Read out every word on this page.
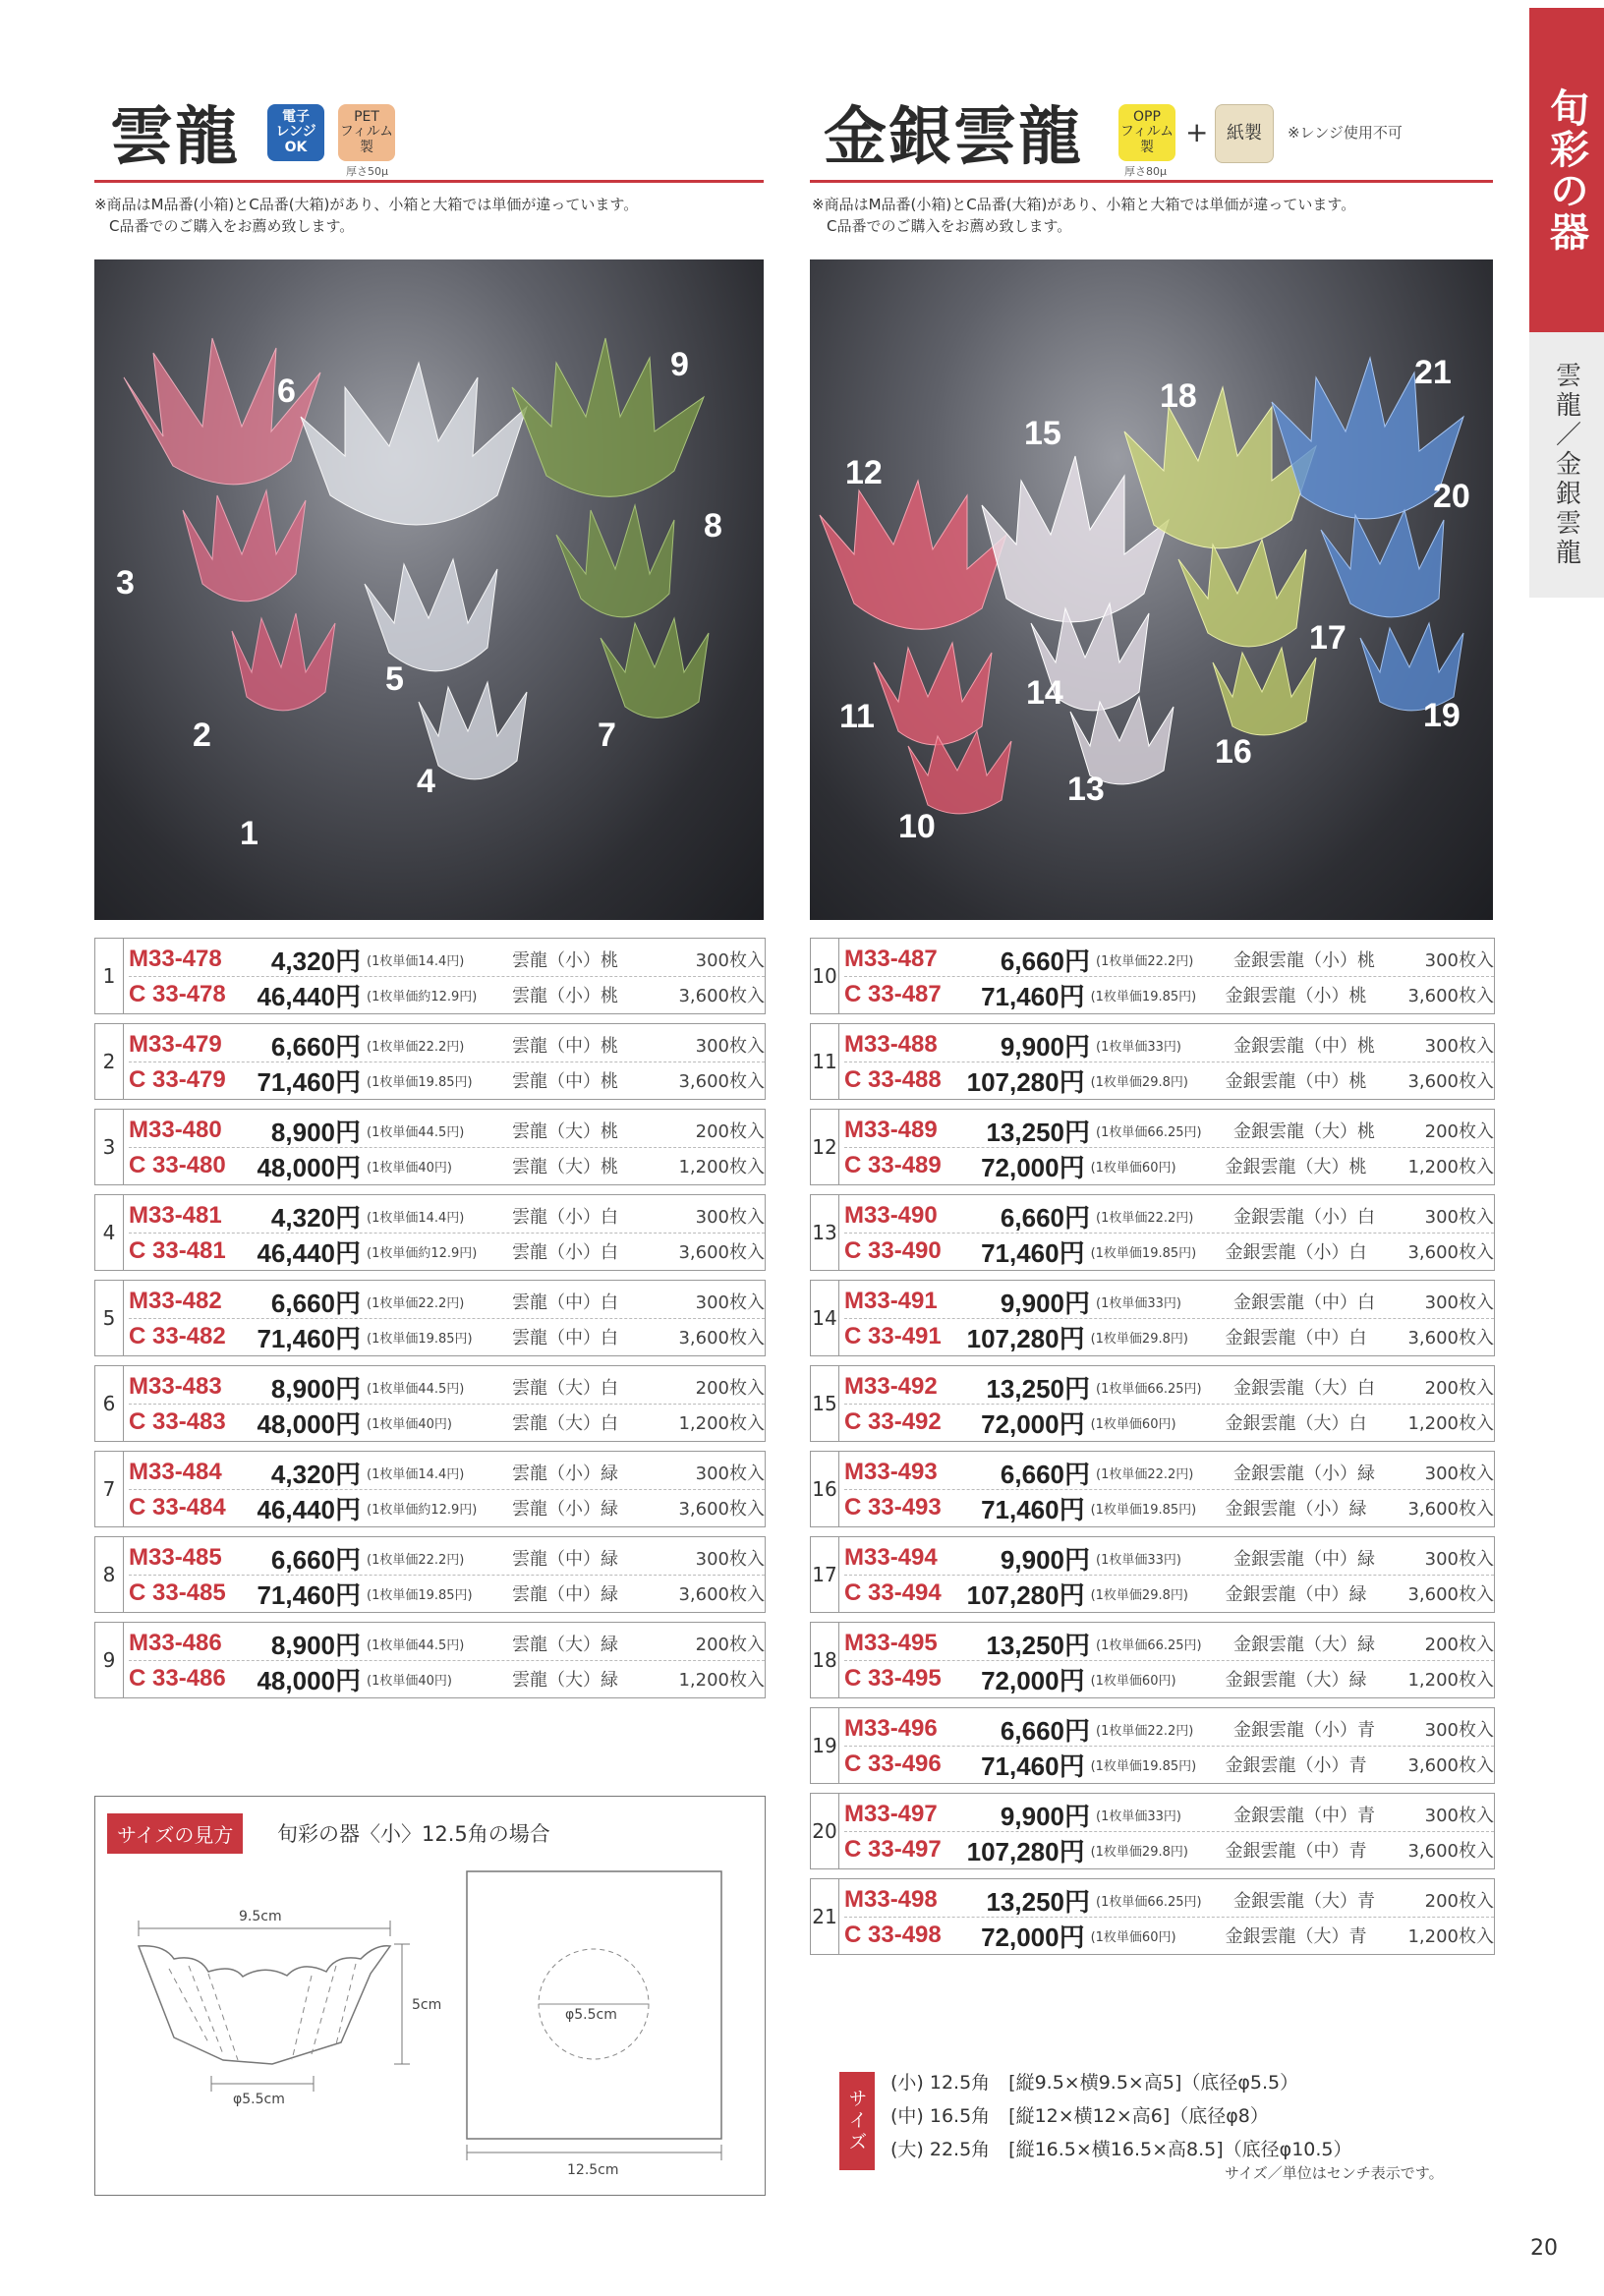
旬彩の器
雲龍／金銀雲龍
雲龍	電子
レンジ
OK
PET
フィルム
製
厚さ50μ
※商品はM品番(小箱)とC品番(大箱)があり、小箱と大箱では単価が違っています。
　C品番でのご購入をお薦め致します。
金銀雲龍	OPP
フィルム
製	+	紙製	※レンジ使用不可
厚さ80μ
※商品はM品番(小箱)とC品番(大箱)があり、小箱と大箱では単価が違っています。
　C品番でのご購入をお薦め致します。
6
9
8
3
5
2	7
4
1
12
15
18
21
20
17
14
11	19
16
13
10
1
M33-478	4,320円 (1枚単価14.4円)	雲龍（小）桃	300枚入
C 33-478	46,440円 (1枚単価約12.9円)	雲龍（小）桃	3,600枚入
2
M33-479	6,660円 (1枚単価22.2円)	雲龍（中）桃	300枚入
C 33-479	71,460円 (1枚単価19.85円)	雲龍（中）桃	3,600枚入
3
M33-480	8,900円 (1枚単価44.5円)	雲龍（大）桃	200枚入
C 33-480	48,000円 (1枚単価40円)	雲龍（大）桃	1,200枚入
4
M33-481	4,320円 (1枚単価14.4円)	雲龍（小）白	300枚入
C 33-481	46,440円 (1枚単価約12.9円)	雲龍（小）白	3,600枚入
5
M33-482	6,660円 (1枚単価22.2円)	雲龍（中）白	300枚入
C 33-482	71,460円 (1枚単価19.85円)	雲龍（中）白	3,600枚入
6
M33-483	8,900円 (1枚単価44.5円)	雲龍（大）白	200枚入
C 33-483	48,000円 (1枚単価40円)	雲龍（大）白	1,200枚入
7
M33-484	4,320円 (1枚単価14.4円)	雲龍（小）緑	300枚入
C 33-484	46,440円 (1枚単価約12.9円)	雲龍（小）緑	3,600枚入
8
M33-485	6,660円 (1枚単価22.2円)	雲龍（中）緑	300枚入
C 33-485	71,460円 (1枚単価19.85円)	雲龍（中）緑	3,600枚入
9
M33-486	8,900円 (1枚単価44.5円)	雲龍（大）緑	200枚入
C 33-486	48,000円 (1枚単価40円)	雲龍（大）緑	1,200枚入
10
M33-487	6,660円 (1枚単価22.2円)	金銀雲龍（小）桃	300枚入
C 33-487	71,460円 (1枚単価19.85円)	金銀雲龍（小）桃	3,600枚入
11
M33-488	9,900円 (1枚単価33円)	金銀雲龍（中）桃	300枚入
C 33-488 107,280円 (1枚単価29.8円)	金銀雲龍（中）桃	3,600枚入
12
M33-489	13,250円 (1枚単価66.25円)	金銀雲龍（大）桃	200枚入
C 33-489	72,000円 (1枚単価60円)	金銀雲龍（大）桃	1,200枚入
13
M33-490	6,660円 (1枚単価22.2円)	金銀雲龍（小）白	300枚入
C 33-490	71,460円 (1枚単価19.85円)	金銀雲龍（小）白	3,600枚入
14
M33-491	9,900円 (1枚単価33円)	金銀雲龍（中）白	300枚入
C 33-491 107,280円 (1枚単価29.8円)	金銀雲龍（中）白	3,600枚入
15
M33-492	13,250円 (1枚単価66.25円)	金銀雲龍（大）白	200枚入
C 33-492	72,000円 (1枚単価60円)	金銀雲龍（大）白	1,200枚入
16
M33-493	6,660円 (1枚単価22.2円)	金銀雲龍（小）緑	300枚入
C 33-493	71,460円 (1枚単価19.85円)	金銀雲龍（小）緑	3,600枚入
17
M33-494	9,900円 (1枚単価33円)	金銀雲龍（中）緑	300枚入
C 33-494 107,280円 (1枚単価29.8円)	金銀雲龍（中）緑	3,600枚入
18
M33-495	13,250円 (1枚単価66.25円)	金銀雲龍（大）緑	200枚入
C 33-495	72,000円 (1枚単価60円)	金銀雲龍（大）緑	1,200枚入
19
M33-496	6,660円 (1枚単価22.2円)	金銀雲龍（小）青	300枚入
C 33-496	71,460円 (1枚単価19.85円)	金銀雲龍（小）青	3,600枚入
20
M33-497	9,900円 (1枚単価33円)	金銀雲龍（中）青	300枚入
C 33-497 107,280円 (1枚単価29.8円)	金銀雲龍（中）青	3,600枚入
21
M33-498	13,250円 (1枚単価66.25円)	金銀雲龍（大）青	200枚入
C 33-498	72,000円 (1枚単価60円)	金銀雲龍（大）青	1,200枚入
サイズの見方	旬彩の器〈小〉12.5角の場合
9.5cm
5cm
φ5.5cm
φ5.5cm
12.5cm
サイズ
(小) 12.5角　[縦9.5×横9.5×高5]（底径φ5.5）
(中) 16.5角　[縦12×横12×高6]（底径φ8）
(大) 22.5角　[縦16.5×横16.5×高8.5]（底径φ10.5）
サイズ／単位はセンチ表示です。
20
